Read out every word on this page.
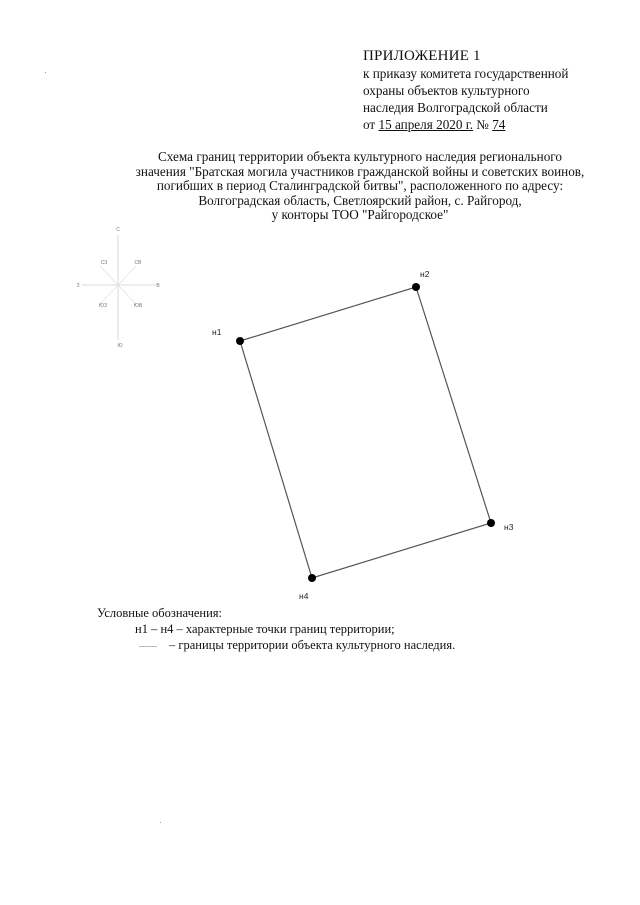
ПРИЛОЖЕНИЕ 1
к приказу комитета государственной
охраны объектов культурного
наследия Волгоградской области
от 15 апреля 2020 г. № 74
Схема границ территории объекта культурного наследия регионального
значения "Братская могила участников гражданской войны и советских воинов,
погибших в период Сталинградской битвы", расположенного по адресу:
Волгоградская область, Светлоярский район, с. Райгород,
у конторы ТОО "Райгородское"
С
Ю
З	В
СЗ	СВ
ЮЗ	ЮВ
н1
н2
н3
н4
Условные обозначения:
н1 – н4 – характерные точки границ территории;
– границы территории объекта культурного наследия.
